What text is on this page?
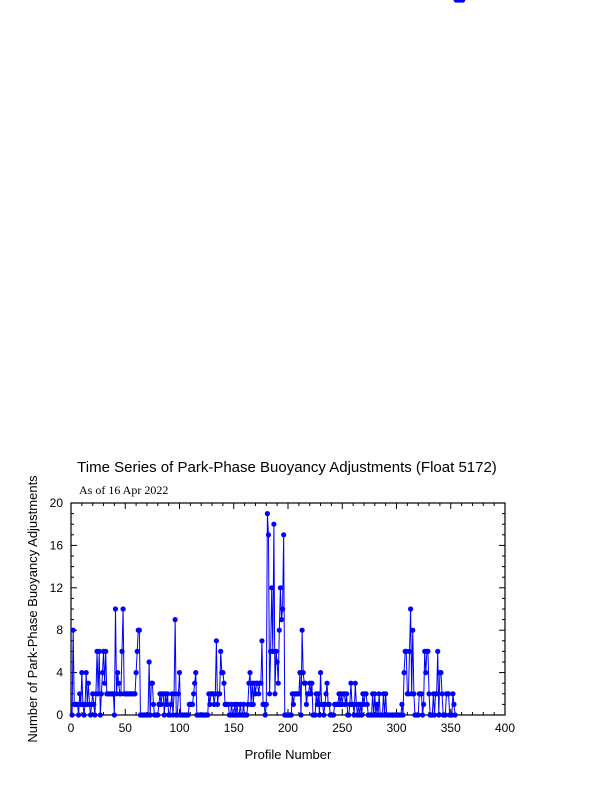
Time Series of Park-Phase Buoyancy Adjustments (Float 5172)
As of 16 Apr 2022
Number of Park-Phase Buoyancy Adjustments
Profile Number
0	50	100	150	200	250	300	350	400
0
4
8
12
16
20
